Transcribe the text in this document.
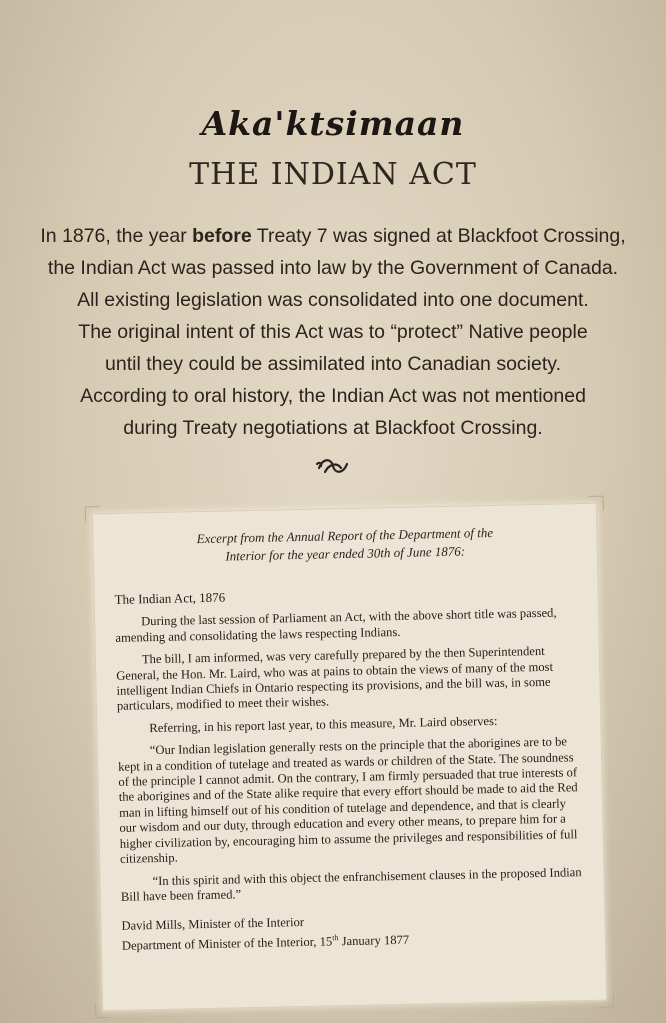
Aka'ktsimaan
THE INDIAN ACT
In 1876, the year before Treaty 7 was signed at Blackfoot Crossing,
the Indian Act was passed into law by the Government of Canada.
All existing legislation was consolidated into one document.
The original intent of this Act was to “protect” Native people
until they could be assimilated into Canadian society.
According to oral history, the Indian Act was not mentioned
during Treaty negotiations at Blackfoot Crossing.
Excerpt from the Annual Report of the Department of the
Interior for the year ended 30th of June 1876:

The Indian Act, 1876

During the last session of Parliament an Act, with the above short title was passed, amending and consolidating the laws respecting Indians.

The bill, I am informed, was very carefully prepared by the then Superintendent General, the Hon. Mr. Laird, who was at pains to obtain the views of many of the most intelligent Indian Chiefs in Ontario respecting its provisions, and the bill was, in some particulars, modified to meet their wishes.

Referring, in his report last year, to this measure, Mr. Laird observes:

“Our Indian legislation generally rests on the principle that the aborigines are to be kept in a condition of tutelage and treated as wards or children of the State. The soundness of the principle I cannot admit. On the contrary, I am firmly persuaded that true interests of the aborigines and of the State alike require that every effort should be made to aid the Red man in lifting himself out of his condition of tutelage and dependence, and that is clearly our wisdom and our duty, through education and every other means, to prepare him for a higher civilization by, encouraging him to assume the privileges and responsibilities of full citizenship.

“In this spirit and with this object the enfranchisement clauses in the proposed Indian Bill have been framed.”

David Mills, Minister of the Interior
Department of Minister of the Interior, 15th January 1877
